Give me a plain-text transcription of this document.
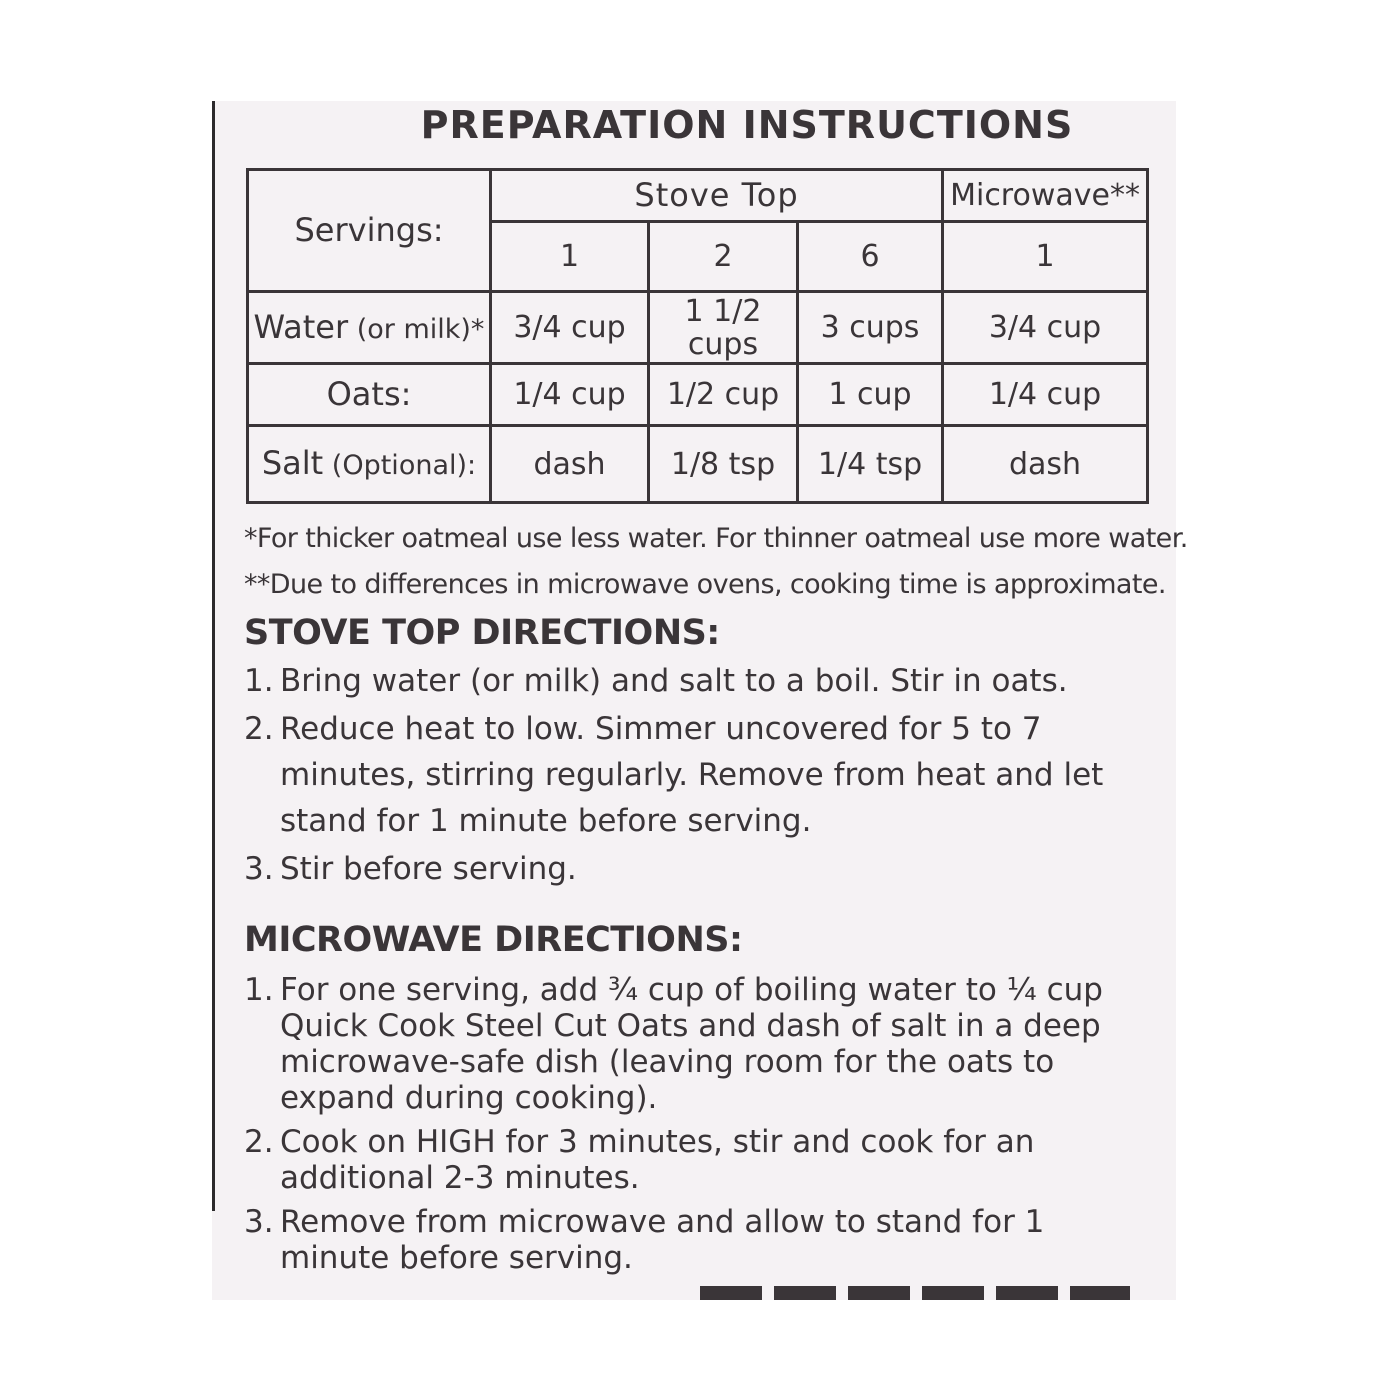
PREPARATION INSTRUCTIONS
Servings:	Stove Top			Microwave**
	1	2	6	1
Water (or milk)*	3/4 cup	1 1/2 cups	3 cups	3/4 cup
Oats:	1/4 cup	1/2 cup	1 cup	1/4 cup
Salt (Optional):	dash	1/8 tsp	1/4 tsp	dash

*For thicker oatmeal use less water. For thinner oatmeal use more water.

**Due to differences in microwave ovens, cooking time is approximate.

STOVE TOP DIRECTIONS:
1. Bring water (or milk) and salt to a boil. Stir in oats.
2. Reduce heat to low. Simmer uncovered for 5 to 7 minutes, stirring regularly. Remove from heat and let stand for 1 minute before serving.
3. Stir before serving.
MICROWAVE DIRECTIONS:
1. For one serving, add ¾ cup of boiling water to ¼ cup Quick Cook Steel Cut Oats and dash of salt in a deep microwave-safe dish (leaving room for the oats to expand during cooking).
2. Cook on HIGH for 3 minutes, stir and cook for an additional 2-3 minutes.
3. Remove from microwave and allow to stand for 1 minute before serving.
